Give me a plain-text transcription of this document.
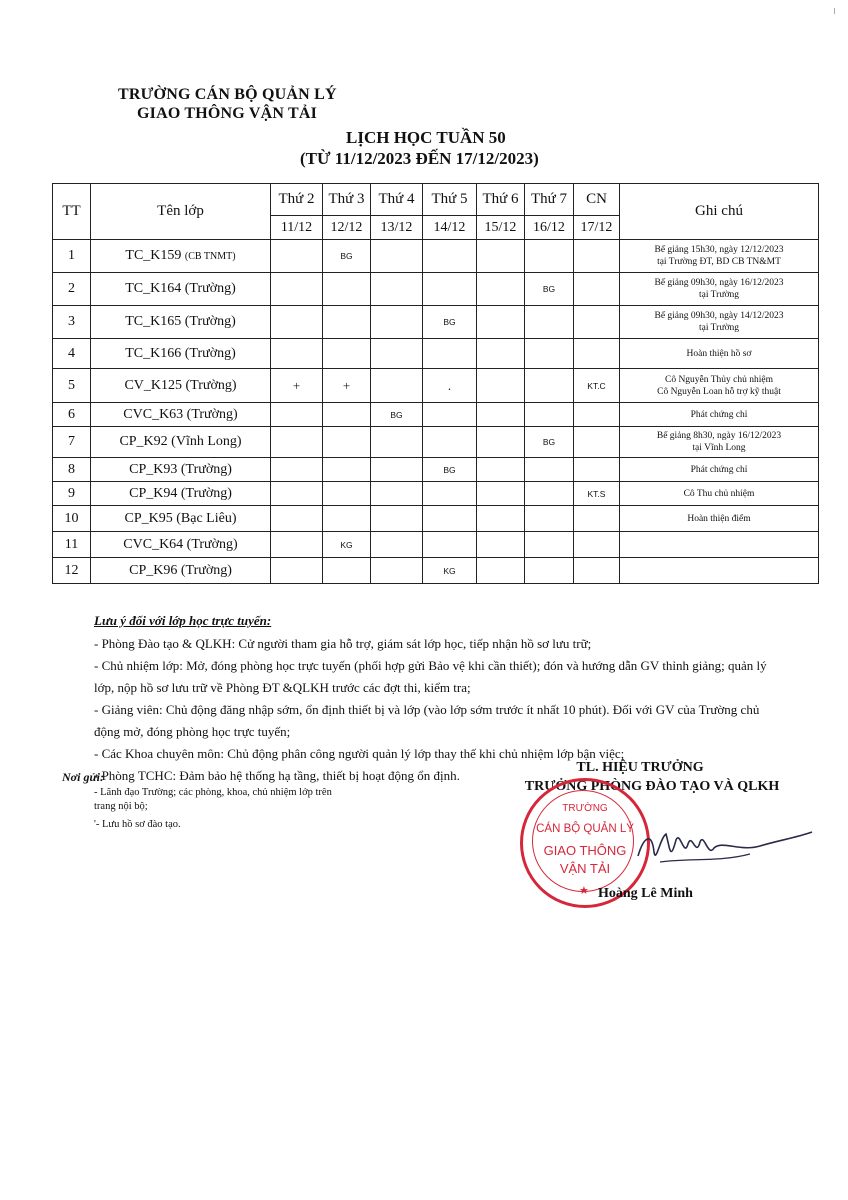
TRƯỜNG CÁN BỘ QUẢN LÝ
GIAO THÔNG VẬN TẢI
LỊCH HỌC TUẦN 50
(TỪ 11/12/2023 ĐẾN 17/12/2023)
TT	Tên lớp	Thứ 2	Thứ 3	Thứ 4	Thứ 5	Thứ 6	Thứ 7	CN	Ghi chú
		11/12	12/12	13/12	14/12	15/12	16/12	17/12	
1	TC_K159 (CB TNMT)		BG						Bế giảng 15h30, ngày 12/12/2023
tại Trường ĐT, BD CB TN&MT

2	TC_K164 (Trường)						BG		Bế giảng 09h30, ngày 16/12/2023
tại Trường

3	TC_K165 (Trường)				BG				Bế giảng 09h30, ngày 14/12/2023
tại Trường

4	TC_K166 (Trường)								Hoàn thiện hồ sơ

5	CV_K125 (Trường)	+	+		.			KT.C	Cô Nguyễn Thủy chủ nhiệm
Cô Nguyễn Loan hỗ trợ kỹ thuật

6	CVC_K63 (Trường)			BG					Phát chứng chỉ

7	CP_K92 (Vĩnh Long)						BG		Bế giảng 8h30, ngày 16/12/2023
tại Vĩnh Long

8	CP_K93 (Trường)				BG				Phát chứng chỉ

9	CP_K94 (Trường)							KT.S	Cô Thu chủ nhiệm

10	CP_K95 (Bạc Liêu)								Hoàn thiện điểm

11	CVC_K64 (Trường)		KG						

12	CP_K96 (Trường)				KG				
Lưu ý đối với lớp học trực tuyến:
- Phòng Đào tạo & QLKH: Cử người tham gia hỗ trợ, giám sát lớp học, tiếp nhận hồ sơ lưu trữ;
- Chủ nhiệm lớp: Mở, đóng phòng học trực tuyến (phối hợp gửi Bảo vệ khi cần thiết); đón và hướng dẫn GV thỉnh giảng; quản lý
lớp, nộp hồ sơ lưu trữ về Phòng ĐT &QLKH trước các đợt thi, kiểm tra;
- Giảng viên: Chủ động đăng nhập sớm, ổn định thiết bị và lớp (vào lớp sớm trước ít nhất 10 phút). Đối với GV của Trường chủ
động mở, đóng phòng học trực tuyến;
- Các Khoa chuyên môn: Chủ động phân công người quản lý lớp thay thế khi chủ nhiệm lớp bận việc;
- Phòng TCHC: Đảm bảo hệ thống hạ tầng, thiết bị hoạt động ổn định.
Nơi gửi:
- Lãnh đạo Trường; các phòng, khoa, chủ nhiệm lớp trên
trang nội bộ;
'- Lưu hồ sơ đào tạo.
TL. HIỆU TRƯỞNG
TRƯỞNG PHÒNG ĐÀO TẠO VÀ QLKH
TRƯỜNG
CÁN BỘ QUẢN LÝ
GIAO THÔNG
VẬN TẢI
★ Hoàng Lê Minh
